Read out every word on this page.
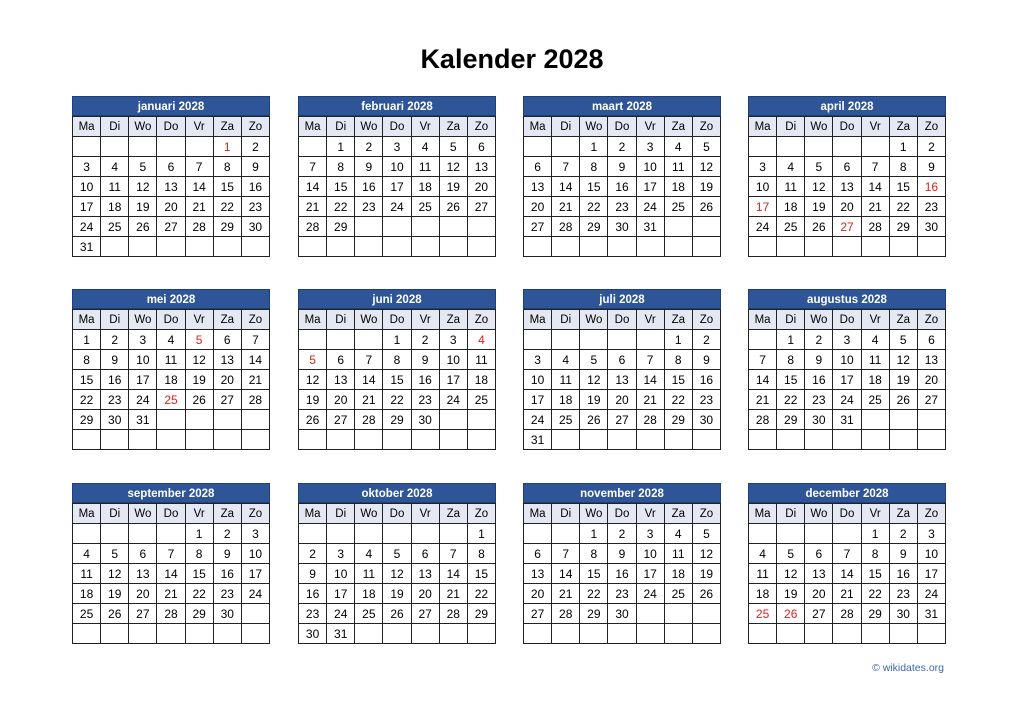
Kalender 2028
januari 2028
Ma	Di	Wo	Do	Vr	Za	Zo
					1	2
3	4	5	6	7	8	9
10	11	12	13	14	15	16
17	18	19	20	21	22	23
24	25	26	27	28	29	30
31						
februari 2028
Ma	Di	Wo	Do	Vr	Za	Zo
	1	2	3	4	5	6
7	8	9	10	11	12	13
14	15	16	17	18	19	20
21	22	23	24	25	26	27
28	29					

maart 2028
Ma	Di	Wo	Do	Vr	Za	Zo
		1	2	3	4	5
6	7	8	9	10	11	12
13	14	15	16	17	18	19
20	21	22	23	24	25	26
27	28	29	30	31		

april 2028
Ma	Di	Wo	Do	Vr	Za	Zo
					1	2
3	4	5	6	7	8	9
10	11	12	13	14	15	16
17	18	19	20	21	22	23
24	25	26	27	28	29	30

mei 2028
Ma	Di	Wo	Do	Vr	Za	Zo
1	2	3	4	5	6	7
8	9	10	11	12	13	14
15	16	17	18	19	20	21
22	23	24	25	26	27	28
29	30	31				

juni 2028
Ma	Di	Wo	Do	Vr	Za	Zo
			1	2	3	4
5	6	7	8	9	10	11
12	13	14	15	16	17	18
19	20	21	22	23	24	25
26	27	28	29	30		

juli 2028
Ma	Di	Wo	Do	Vr	Za	Zo
					1	2
3	4	5	6	7	8	9
10	11	12	13	14	15	16
17	18	19	20	21	22	23
24	25	26	27	28	29	30
31						
augustus 2028
Ma	Di	Wo	Do	Vr	Za	Zo
	1	2	3	4	5	6
7	8	9	10	11	12	13
14	15	16	17	18	19	20
21	22	23	24	25	26	27
28	29	30	31			

september 2028
Ma	Di	Wo	Do	Vr	Za	Zo
				1	2	3
4	5	6	7	8	9	10
11	12	13	14	15	16	17
18	19	20	21	22	23	24
25	26	27	28	29	30	

oktober 2028
Ma	Di	Wo	Do	Vr	Za	Zo
						1
2	3	4	5	6	7	8
9	10	11	12	13	14	15
16	17	18	19	20	21	22
23	24	25	26	27	28	29
30	31					
november 2028
Ma	Di	Wo	Do	Vr	Za	Zo
		1	2	3	4	5
6	7	8	9	10	11	12
13	14	15	16	17	18	19
20	21	22	23	24	25	26
27	28	29	30			

december 2028
Ma	Di	Wo	Do	Vr	Za	Zo
				1	2	3
4	5	6	7	8	9	10
11	12	13	14	15	16	17
18	19	20	21	22	23	24
25	26	27	28	29	30	31

© wikidates.org
